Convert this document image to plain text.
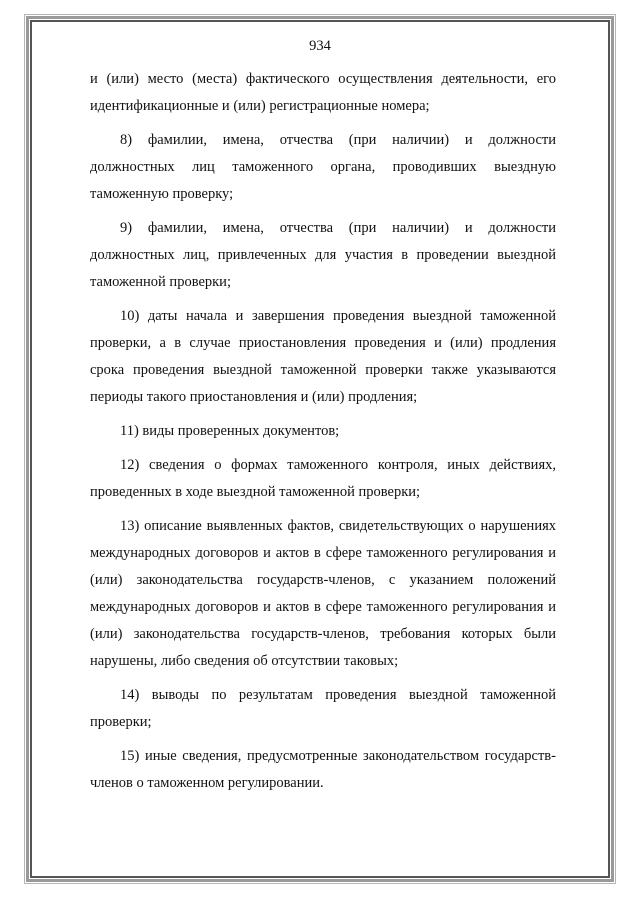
934

и (или) место (места) фактического осуществления деятельности, его идентификационные и (или) регистрационные номера;

8) фамилии, имена, отчества (при наличии) и должности должностных лиц таможенного органа, проводивших выездную таможенную проверку;

9) фамилии, имена, отчества (при наличии) и должности должностных лиц, привлеченных для участия в проведении выездной таможенной проверки;

10) даты начала и завершения проведения выездной таможенной проверки, а в случае приостановления проведения и (или) продления срока проведения выездной таможенной проверки также указываются периоды такого приостановления и (или) продления;

11) виды проверенных документов;

12) сведения о формах таможенного контроля, иных действиях, проведенных в ходе выездной таможенной проверки;

13) описание выявленных фактов, свидетельствующих о нарушениях международных договоров и актов в сфере таможенного регулирования и (или) законодательства государств-членов, с указанием положений международных договоров и актов в сфере таможенного регулирования и (или) законодательства государств-членов, требования которых были нарушены, либо сведения об отсутствии таковых;

14) выводы по результатам проведения выездной таможенной проверки;

15) иные сведения, предусмотренные законодательством государств-членов о таможенном регулировании.
